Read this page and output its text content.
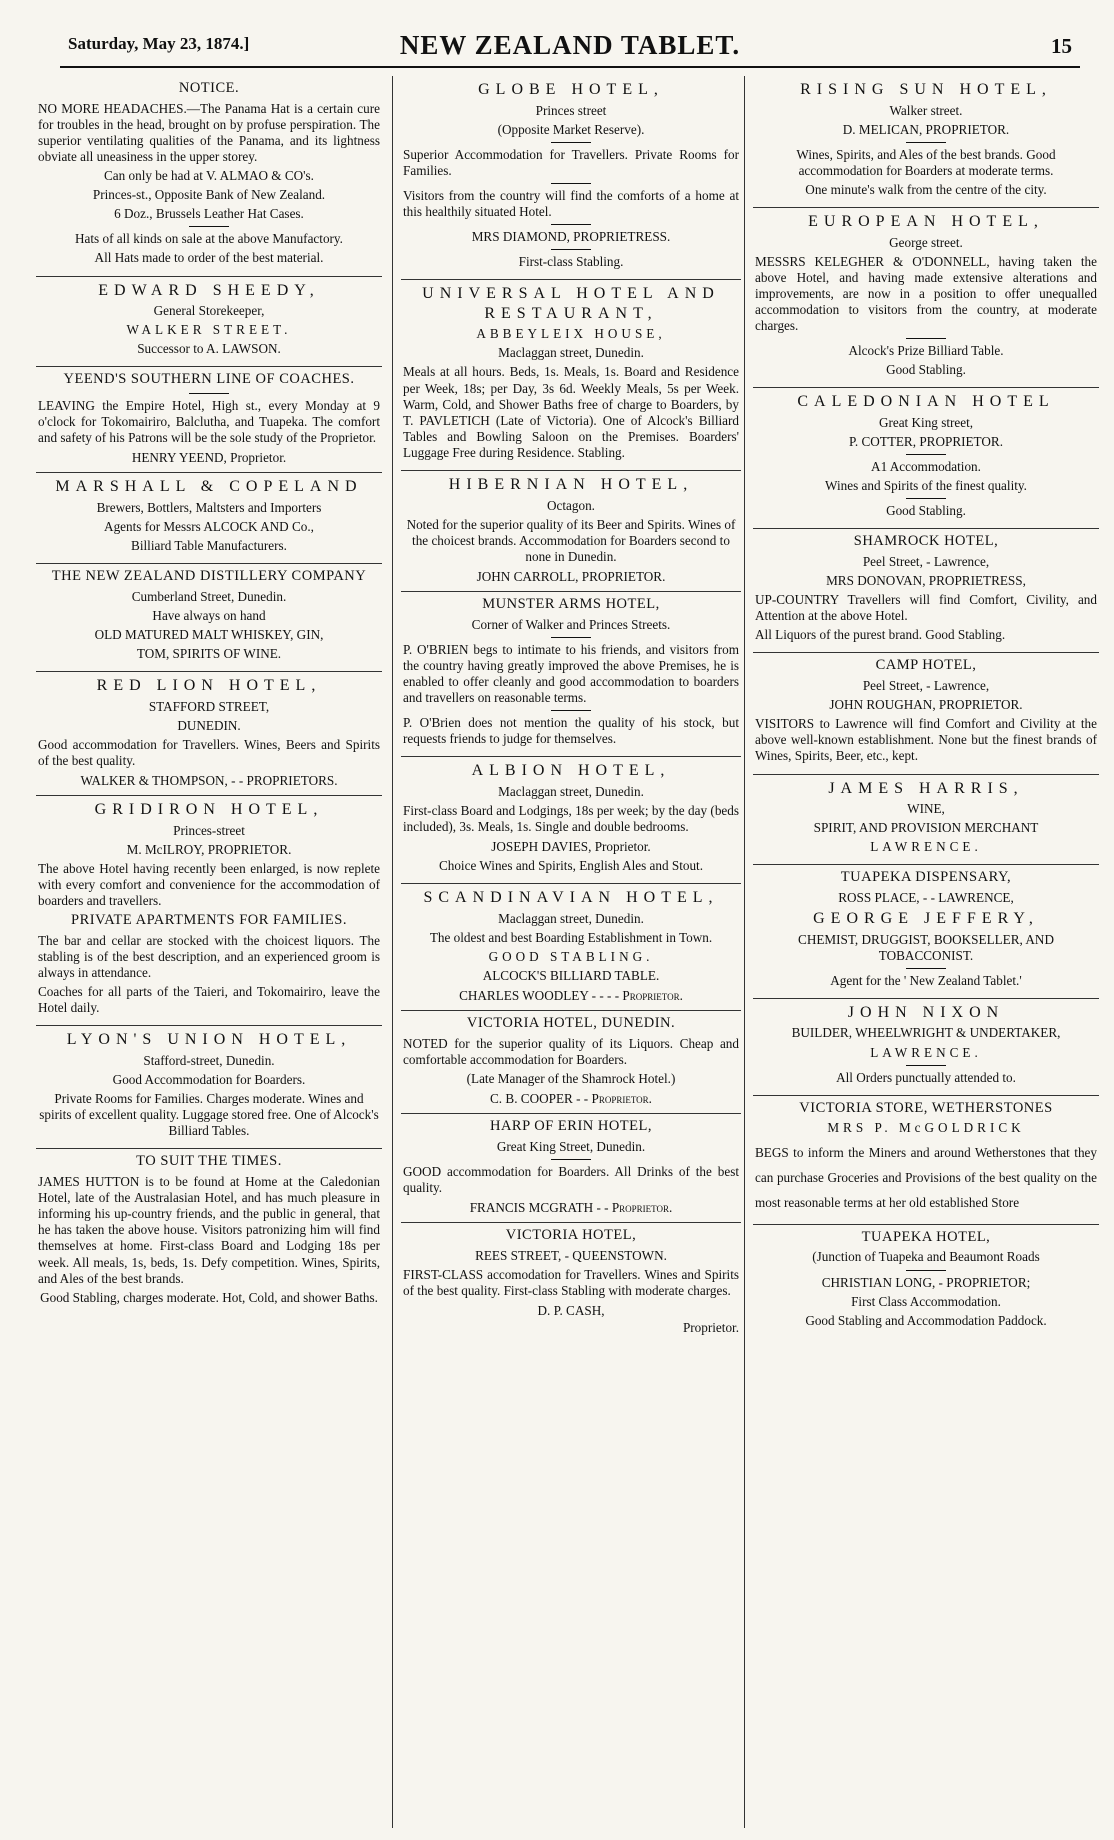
Saturday, May 23, 1874.]	NEW ZEALAND TABLET.	15
NOTICE.
NO MORE HEADACHES.—The Panama Hat is a certain cure for troubles in the head, brought on by profuse perspiration. The superior ventilating qualities of the Panama, and its lightness obviate all uneasiness in the upper storey.
Can only be had at V. ALMAO & CO's.
Princes-st., Opposite Bank of New Zealand.
6 Doz., Brussels Leather Hat Cases.
Hats of all kinds on sale at the above Manufactory.
All Hats made to order of the best material.
EDWARD SHEEDY,
General Storekeeper,
WALKER STREET.
Successor to A. LAWSON.
YEEND'S SOUTHERN LINE OF COACHES.
LEAVING the Empire Hotel, High st., every Monday at 9 o'clock for Tokomairiro, Balclutha, and Tuapeka. The comfort and safety of his Patrons will be the sole study of the Proprietor.
HENRY YEEND, Proprietor.
MARSHALL & COPELAND
Brewers, Bottlers, Maltsters and Importers
Agents for Messrs ALCOCK AND Co.,
Billiard Table Manufacturers.
THE NEW ZEALAND DISTILLERY COMPANY
Cumberland Street, Dunedin.
Have always on hand
OLD MATURED MALT WHISKEY, GIN,
TOM, SPIRITS OF WINE.
RED LION HOTEL,
STAFFORD STREET,
DUNEDIN.
Good accommodation for Travellers. Wines, Beers and Spirits of the best quality.
WALKER & THOMPSON, - - PROPRIETORS.
GRIDIRON HOTEL,
Princes-street
M. McILROY, PROPRIETOR.
The above Hotel having recently been enlarged, is now replete with every comfort and convenience for the accommodation of boarders and travellers.
PRIVATE APARTMENTS FOR FAMILIES.
The bar and cellar are stocked with the choicest liquors. The stabling is of the best description, and an experienced groom is always in attendance.
Coaches for all parts of the Taieri, and Tokomairiro, leave the Hotel daily.
LYON'S UNION HOTEL,
Stafford-street, Dunedin.
Good Accommodation for Boarders.
Private Rooms for Families. Charges moderate. Wines and spirits of excellent quality. Luggage stored free. One of Alcock's Billiard Tables.
TO SUIT THE TIMES.
JAMES HUTTON is to be found at Home at the Caledonian Hotel, late of the Australasian Hotel, and has much pleasure in informing his up-country friends, and the public in general, that he has taken the above house. Visitors patronizing him will find themselves at home. First-class Board and Lodging 18s per week. All meals, 1s, beds, 1s. Defy competition. Wines, Spirits, and Ales of the best brands.
Good Stabling, charges moderate. Hot, Cold, and shower Baths.
GLOBE HOTEL,
Princes street
(Opposite Market Reserve).
Superior Accommodation for Travellers. Private Rooms for Families.
Visitors from the country will find the comforts of a home at this healthily situated Hotel.
MRS DIAMOND, PROPRIETRESS.
First-class Stabling.
UNIVERSAL HOTEL AND RESTAURANT,
ABBEYLEIX HOUSE,
Maclaggan street, Dunedin.
Meals at all hours. Beds, 1s. Meals, 1s. Board and Residence per Week, 18s; per Day, 3s 6d. Weekly Meals, 5s per Week. Warm, Cold, and Shower Baths free of charge to Boarders, by T. PAVLETICH (Late of Victoria). One of Alcock's Billiard Tables and Bowling Saloon on the Premises. Boarders' Luggage Free during Residence. Stabling.
HIBERNIAN HOTEL,
Octagon.
Noted for the superior quality of its Beer and Spirits. Wines of the choicest brands. Accommodation for Boarders second to none in Dunedin.
JOHN CARROLL, PROPRIETOR.
MUNSTER ARMS HOTEL,
Corner of Walker and Princes Streets.
P. O'BRIEN begs to intimate to his friends, and visitors from the country having greatly improved the above Premises, he is enabled to offer cleanly and good accommodation to boarders and travellers on reasonable terms.
P. O'Brien does not mention the quality of his stock, but requests friends to judge for themselves.
ALBION HOTEL,
Maclaggan street, Dunedin.
First-class Board and Lodgings, 18s per week; by the day (beds included), 3s. Meals, 1s. Single and double bedrooms.
JOSEPH DAVIES, Proprietor.
Choice Wines and Spirits, English Ales and Stout.
SCANDINAVIAN HOTEL,
Maclaggan street, Dunedin.
The oldest and best Boarding Establishment in Town.
GOOD STABLING.
ALCOCK'S BILLIARD TABLE.
CHARLES WOODLEY - - - - Proprietor.
VICTORIA HOTEL, DUNEDIN.
NOTED for the superior quality of its Liquors. Cheap and comfortable accommodation for Boarders.
(Late Manager of the Shamrock Hotel.)
C. B. COOPER - - Proprietor.
HARP OF ERIN HOTEL,
Great King Street, Dunedin.
GOOD accommodation for Boarders. All Drinks of the best quality.
FRANCIS MCGRATH - - Proprietor.
VICTORIA HOTEL,
REES STREET, - QUEENSTOWN.
FIRST-CLASS accomodation for Travellers. Wines and Spirits of the best quality. First-class Stabling with moderate charges.
D. P. CASH,
Proprietor.
RISING SUN HOTEL,
Walker street.
D. MELICAN, PROPRIETOR.
Wines, Spirits, and Ales of the best brands. Good accommodation for Boarders at moderate terms.
One minute's walk from the centre of the city.
EUROPEAN HOTEL,
George street.
MESSRS KELEGHER & O'DONNELL, having taken the above Hotel, and having made extensive alterations and improvements, are now in a position to offer unequalled accommodation to visitors from the country, at moderate charges.
Alcock's Prize Billiard Table.
Good Stabling.
CALEDONIAN HOTEL
Great King street,
P. COTTER, PROPRIETOR.
A1 Accommodation.
Wines and Spirits of the finest quality.
Good Stabling.
SHAMROCK HOTEL,
Peel Street, - Lawrence,
MRS DONOVAN, PROPRIETRESS,
UP-COUNTRY Travellers will find Comfort, Civility, and Attention at the above Hotel.
All Liquors of the purest brand. Good Stabling.
CAMP HOTEL,
Peel Street, - Lawrence,
JOHN ROUGHAN, PROPRIETOR.
VISITORS to Lawrence will find Comfort and Civility at the above well-known establishment. None but the finest brands of Wines, Spirits, Beer, etc., kept.
JAMES HARRIS,
WINE,
SPIRIT, AND PROVISION MERCHANT
LAWRENCE.
TUAPEKA DISPENSARY,
ROSS PLACE, - - LAWRENCE,
GEORGE JEFFERY,
CHEMIST, DRUGGIST, BOOKSELLER, AND TOBACCONIST.
Agent for the ' New Zealand Tablet.'
JOHN NIXON
BUILDER, WHEELWRIGHT & UNDERTAKER,
LAWRENCE.
All Orders punctually attended to.
VICTORIA STORE, WETHERSTONES
MRS P. McGOLDRICK
BEGS to inform the Miners and around Wetherstones that they can purchase Groceries and Provisions of the best quality on the most reasonable terms at her old established Store
TUAPEKA HOTEL,
(Junction of Tuapeka and Beaumont Roads
CHRISTIAN LONG, - PROPRIETOR;
First Class Accommodation.
Good Stabling and Accommodation Paddock.
